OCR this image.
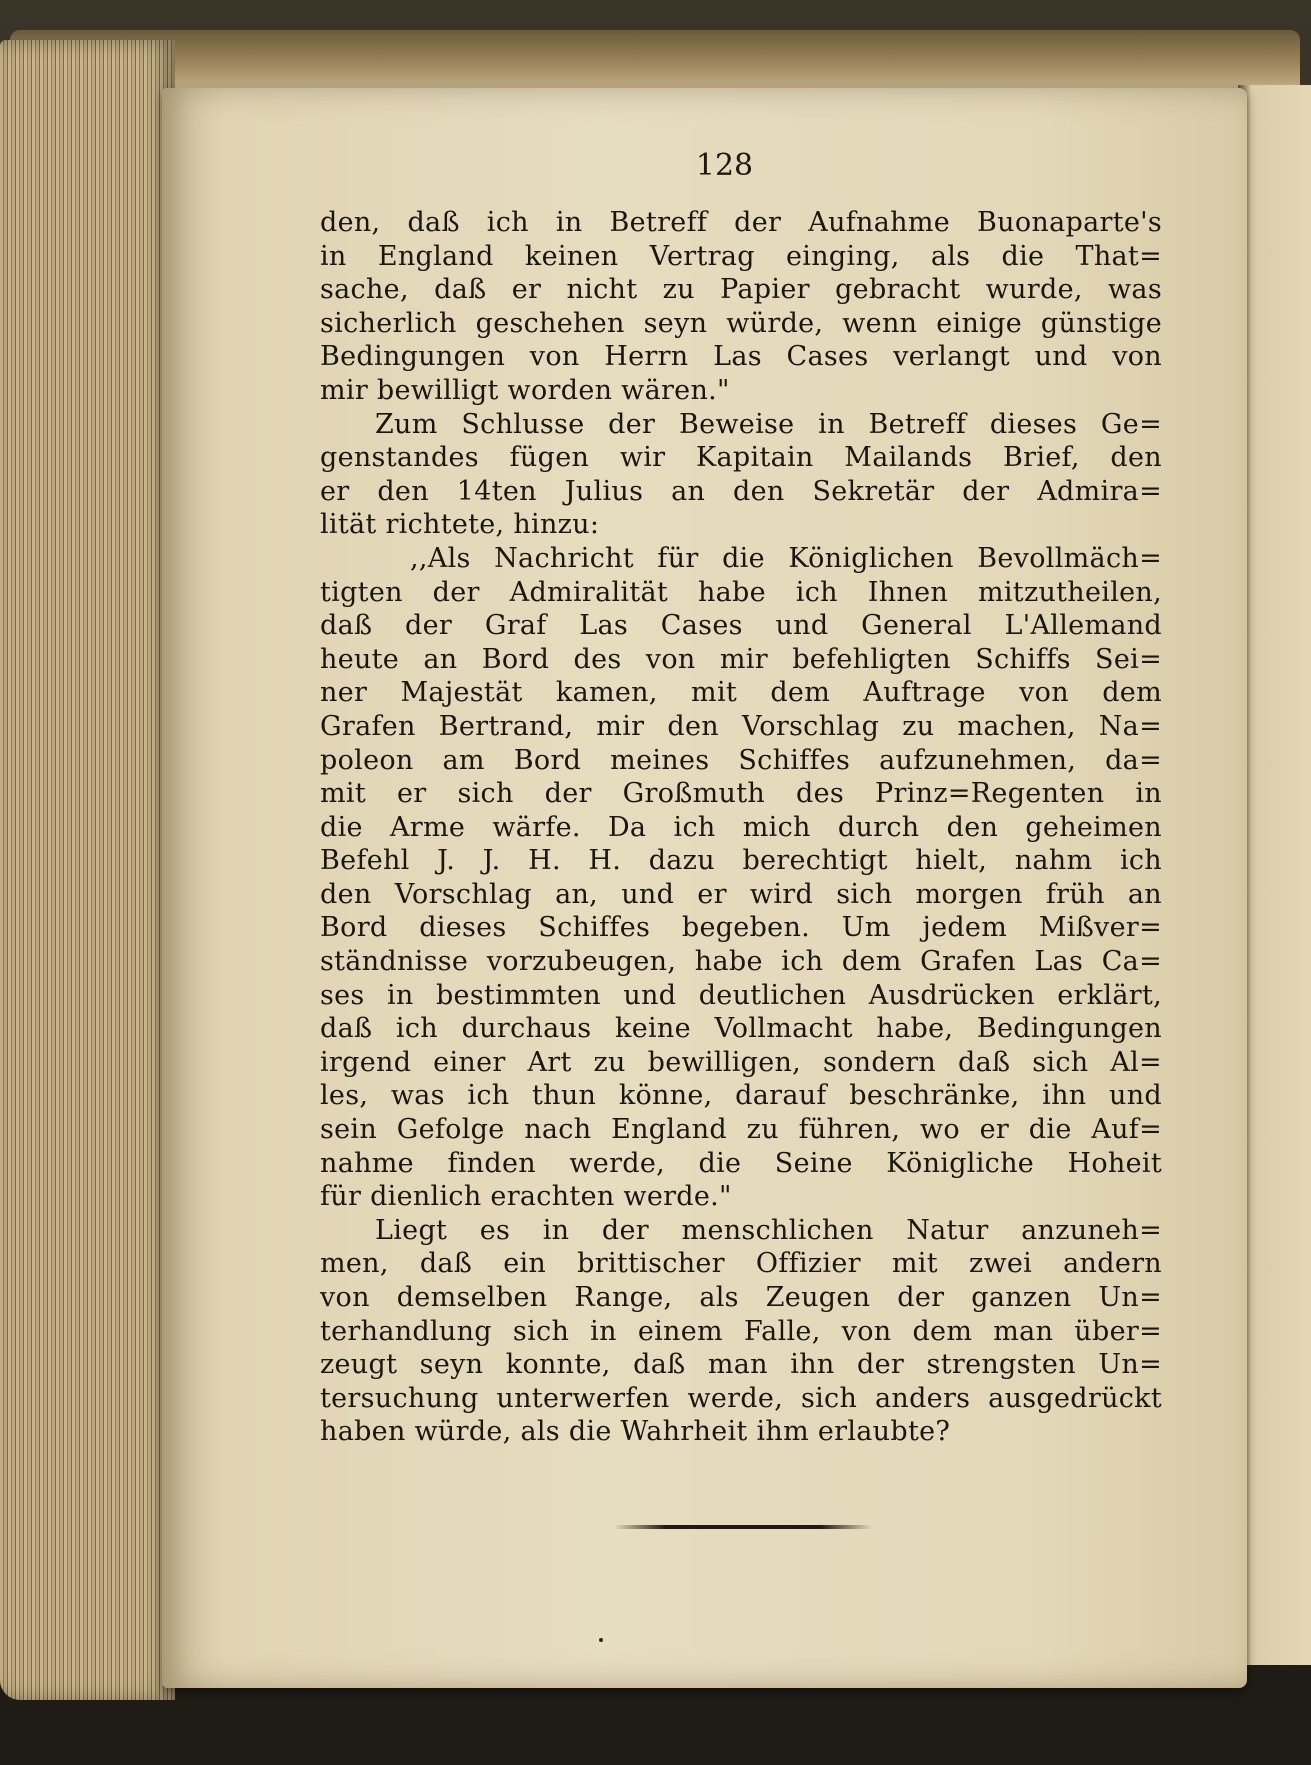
128

den, daß ich in Betreff der Aufnahme Buonaparte's
in England keinen Vertrag einging, als die That=
sache, daß er nicht zu Papier gebracht wurde, was
sicherlich geschehen seyn würde, wenn einige günstige
Bedingungen von Herrn Las Cases verlangt und von
mir bewilligt worden wären."
Zum Schlusse der Beweise in Betreff dieses Ge=
genstandes fügen wir Kapitain Mailands Brief, den
er den 14ten Julius an den Sekretär der Admira=
lität richtete, hinzu:
,,Als Nachricht für die Königlichen Bevollmäch=
tigten der Admiralität habe ich Ihnen mitzutheilen,
daß der Graf Las Cases und General L'Allemand
heute an Bord des von mir befehligten Schiffs Sei=
ner Majestät kamen, mit dem Auftrage von dem
Grafen Bertrand, mir den Vorschlag zu machen, Na=
poleon am Bord meines Schiffes aufzunehmen, da=
mit er sich der Großmuth des Prinz=Regenten in
die Arme wärfe. Da ich mich durch den geheimen
Befehl J. J. H. H. dazu berechtigt hielt, nahm ich
den Vorschlag an, und er wird sich morgen früh an
Bord dieses Schiffes begeben. Um jedem Mißver=
ständnisse vorzubeugen, habe ich dem Grafen Las Ca=
ses in bestimmten und deutlichen Ausdrücken erklärt,
daß ich durchaus keine Vollmacht habe, Bedingungen
irgend einer Art zu bewilligen, sondern daß sich Al=
les, was ich thun könne, darauf beschränke, ihn und
sein Gefolge nach England zu führen, wo er die Auf=
nahme finden werde, die Seine Königliche Hoheit
für dienlich erachten werde."
Liegt es in der menschlichen Natur anzuneh=
men, daß ein brittischer Offizier mit zwei andern
von demselben Range, als Zeugen der ganzen Un=
terhandlung sich in einem Falle, von dem man über=
zeugt seyn konnte, daß man ihn der strengsten Un=
tersuchung unterwerfen werde, sich anders ausgedrückt
haben würde, als die Wahrheit ihm erlaubte?
